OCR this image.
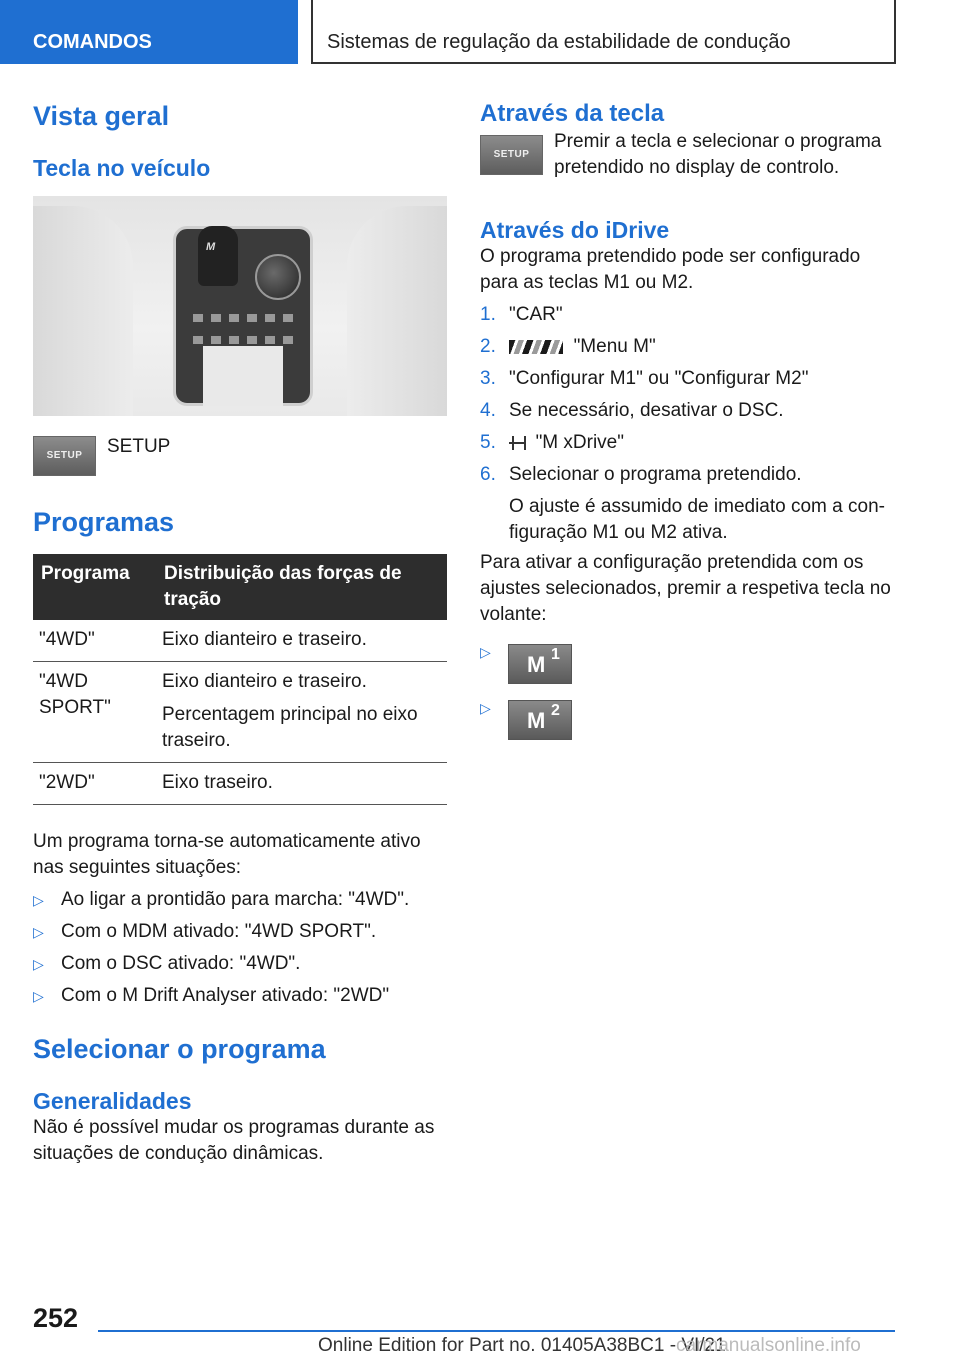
COMANDOS	Sistemas de regulação da estabilidade de condução
Vista geral
Tecla no veículo
M
SETUP SETUP
Programas
Programa	Distribuição das forças de tração
"4WD"	Eixo dianteiro e traseiro.

"4WD SPORT"	Eixo dianteiro e traseiro.

Percentagem principal no eixo traseiro.

"2WD"	Eixo traseiro.

Um programa torna-se automaticamente ativo nas seguintes situações:

▷ Ao ligar a prontidão para marcha: "4WD".
▷ Com o MDM ativado: "4WD SPORT".
▷ Com o DSC ativado: "4WD".
▷ Com o M Drift Analyser ativado: "2WD"
Selecionar o programa
Generalidades

Não é possível mudar os programas durante as situações de condução dinâmicas.

Através da tecla
SETUP

Premir a tecla e selecionar o programa pretendido no display de controlo.

Através do iDrive

O programa pretendido pode ser configurado para as teclas M1 ou M2.

1. "CAR"
2.	"Menu M"
3. "Configurar M1" ou "Configurar M2"
4. Se necessário, desativar o DSC.
5. "M xDrive"
6. Selecionar o programa pretendido.
O ajuste é assumido de imediato com a configuração M1 ou M2 ativa.

Para ativar a configuração pretendida com os ajustes selecionados, premir a respetiva tecla no volante:

▷ M 1
▷ M 2
252
Online Edition for Part no. 01405A38BC1 - VI/21
carmanualsonline.info
